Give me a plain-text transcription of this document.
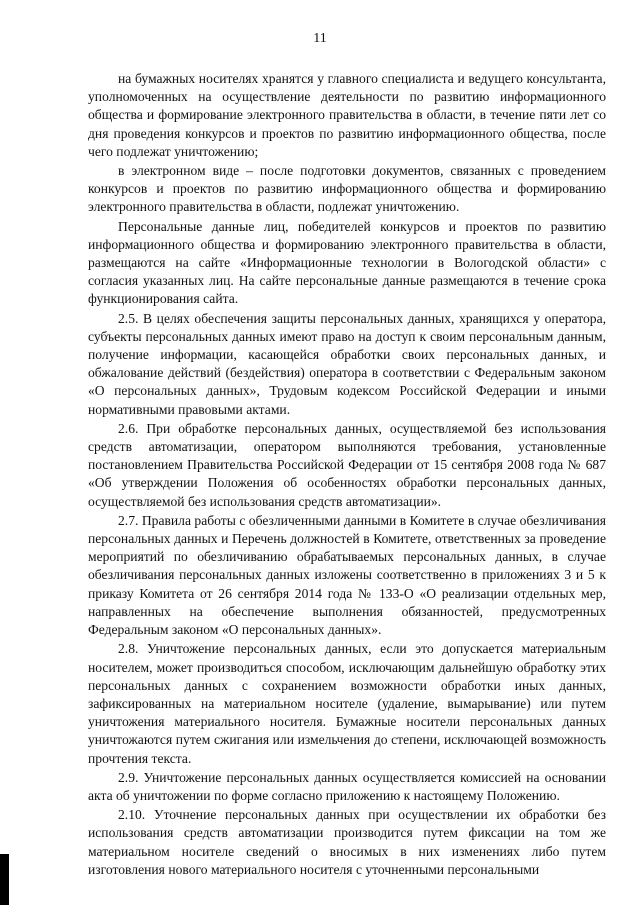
11

на бумажных носителях хранятся у главного специалиста и ведущего консультанта, уполномоченных на осуществление деятельности по развитию информационного общества и формирование электронного правительства в области, в течение пяти лет со дня проведения конкурсов и проектов по развитию информационного общества, после чего подлежат уничтожению;

в электронном виде – после подготовки документов, связанных с проведением конкурсов и проектов по развитию информационного общества и формированию электронного правительства в области, подлежат уничтожению.

Персональные данные лиц, победителей конкурсов и проектов по развитию информационного общества и формированию электронного правительства в области, размещаются на сайте «Информационные технологии в Вологодской области» с согласия указанных лиц. На сайте персональные данные размещаются в течение срока функционирования сайта.

2.5. В целях обеспечения защиты персональных данных, хранящихся у оператора, субъекты персональных данных имеют право на доступ к своим персональным данным, получение информации, касающейся обработки своих персональных данных, и обжалование действий (бездействия) оператора в соответствии с Федеральным законом «О персональных данных», Трудовым кодексом Российской Федерации и иными нормативными правовыми актами.

2.6. При обработке персональных данных, осуществляемой без использования средств автоматизации, оператором выполняются требования, установленные постановлением Правительства Российской Федерации от 15 сентября 2008 года № 687 «Об утверждении Положения об особенностях обработки персональных данных, осуществляемой без использования средств автоматизации».

2.7. Правила работы с обезличенными данными в Комитете в случае обезличивания персональных данных и Перечень должностей в Комитете, ответственных за проведение мероприятий по обезличиванию обрабатываемых персональных данных, в случае обезличивания персональных данных изложены соответственно в приложениях 3 и 5 к приказу Комитета от 26 сентября 2014 года № 133-О «О реализации отдельных мер, направленных на обеспечение выполнения обязанностей, предусмотренных Федеральным законом «О персональных данных».

2.8. Уничтожение персональных данных, если это допускается материальным носителем, может производиться способом, исключающим дальнейшую обработку этих персональных данных с сохранением возможности обработки иных данных, зафиксированных на материальном носителе (удаление, вымарывание) или путем уничтожения материального носителя. Бумажные носители персональных данных уничтожаются путем сжигания или измельчения до степени, исключающей возможность прочтения текста.

2.9. Уничтожение персональных данных осуществляется комиссией на основании акта об уничтожении по форме согласно приложению к настоящему Положению.

2.10. Уточнение персональных данных при осуществлении их обработки без использования средств автоматизации производится путем фиксации на том же материальном носителе сведений о вносимых в них изменениях либо путем изготовления нового материального носителя с уточненными персональными
